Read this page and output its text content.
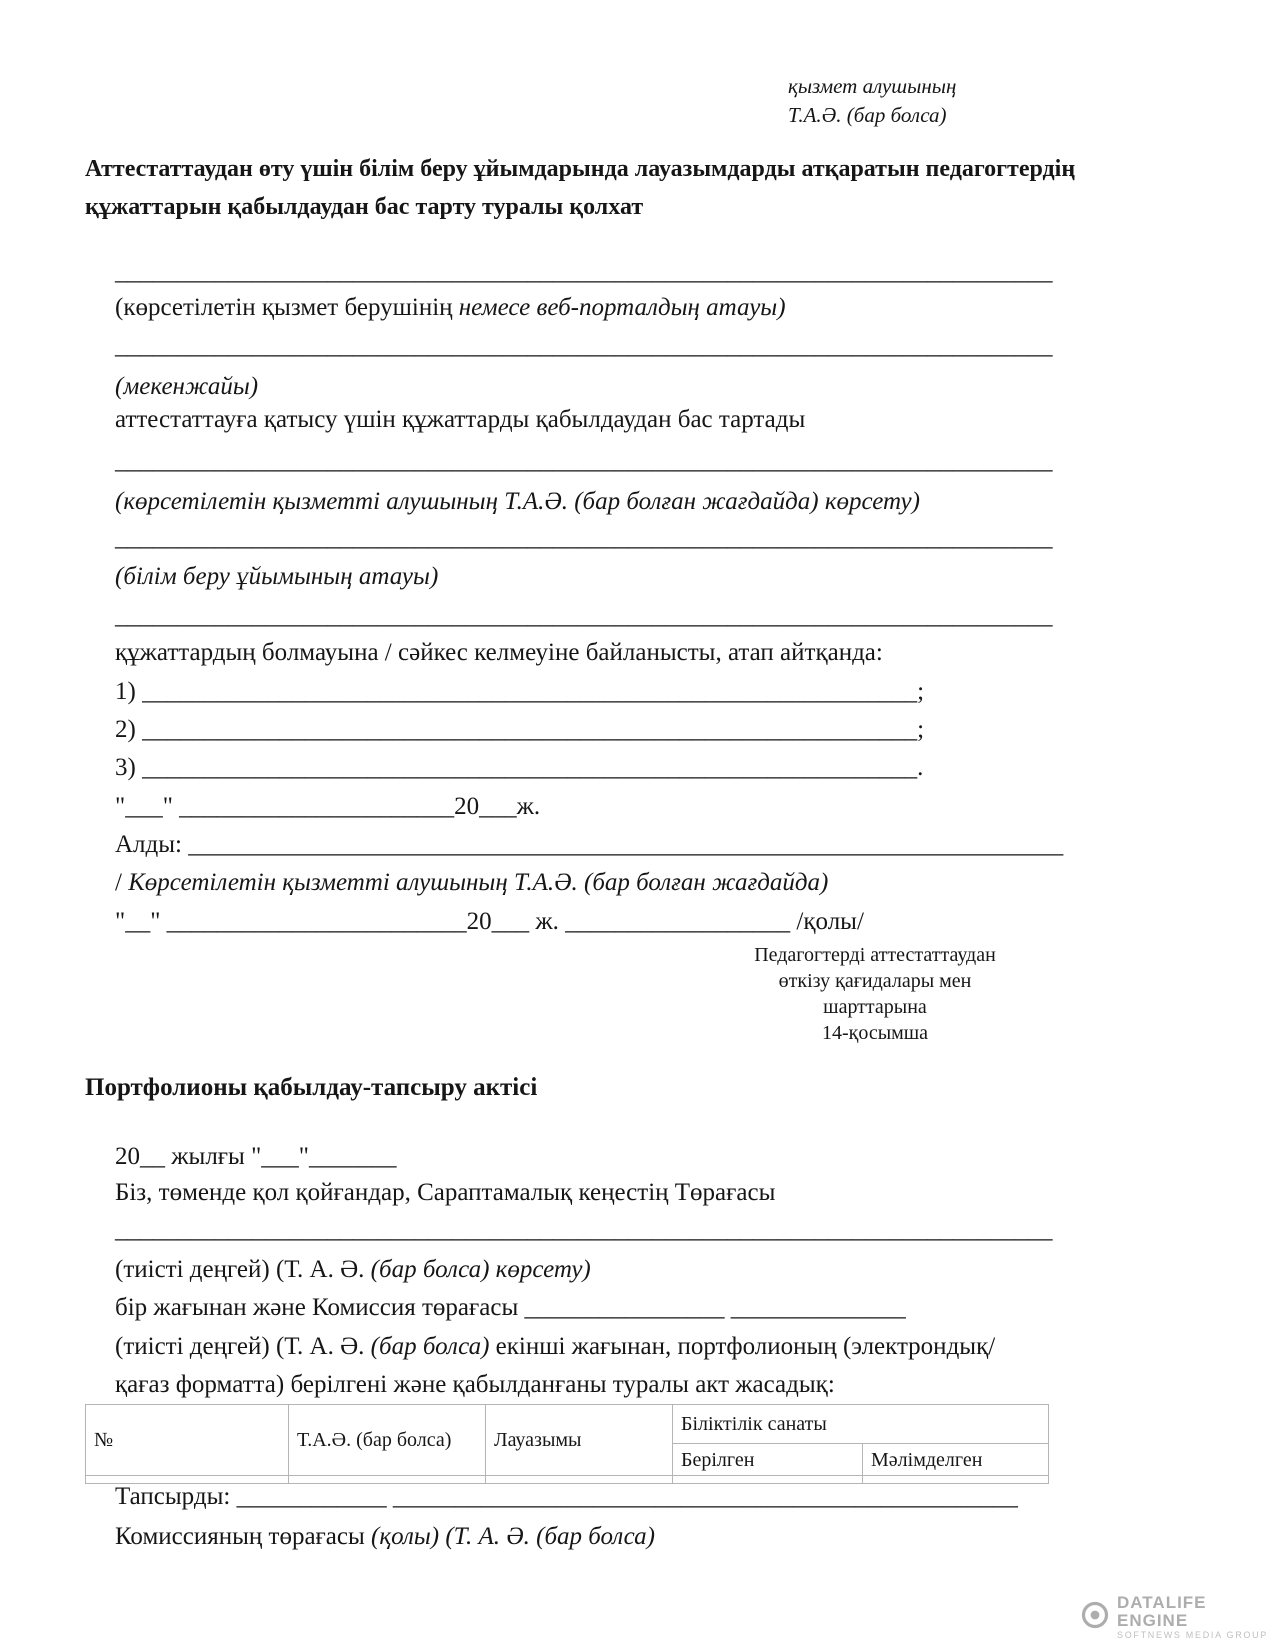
қызмет алушының
Т.А.Ә. (бар болса)
Аттестаттаудан өту үшін білім беру ұйымдарында лауазымдарды атқаратын педагогтердің құжаттарын қабылдаудан бас тарту туралы қолхат
___________________________________________________________________________
(көрсетілетін қызмет берушінің немесе веб-порталдың атауы)
___________________________________________________________________________
(мекенжайы)
аттестаттауға қатысу үшін құжаттарды қабылдаудан бас тартады
___________________________________________________________________________
(көрсетілетін қызметті алушының Т.А.Ә. (бар болған жағдайда) көрсету)
___________________________________________________________________________
(білім беру ұйымының атауы)
___________________________________________________________________________
құжаттардың болмауына / сәйкес келмеуіне байланысты, атап айтқанда:
1) ______________________________________________________________;
2) ______________________________________________________________;
3) ______________________________________________________________.
"___" ______________________20___ж.
Алды: ______________________________________________________________________
/ Көрсетілетін қызметті алушының Т.А.Ә. (бар болған жағдайда)
"__" ________________________20___ ж. __________________ /қолы/
Педагогтерді аттестаттаудан
өткізу қағидалары мен
шарттарына
14-қосымша
Портфолионы қабылдау-тапсыру актісі
20__ жылғы "___"_______
Біз, төменде қол қойғандар, Сараптамалық кеңестің Төрағасы
___________________________________________________________________________
(тиісті деңгей) (Т. А. Ә. (бар болса) көрсету)
бір жағынан және Комиссия төрағасы ________________ ______________
(тиісті деңгей) (Т. А. Ә. (бар болса) екінші жағынан, портфолионың (электрондық/
қағаз форматта) берілгені және қабылданғаны туралы акт жасадық:
№	Т.А.Ә. (бар болса)	Лауазымы	Біліктілік санаты	
			Берілген	Мәлімделген

Тапсырды: ____________ __________________________________________________
Комиссияның төрағасы (қолы) (Т. А. Ә. (бар болса)
DATALIFE ENGINE
SOFTNEWS MEDIA GROUP
